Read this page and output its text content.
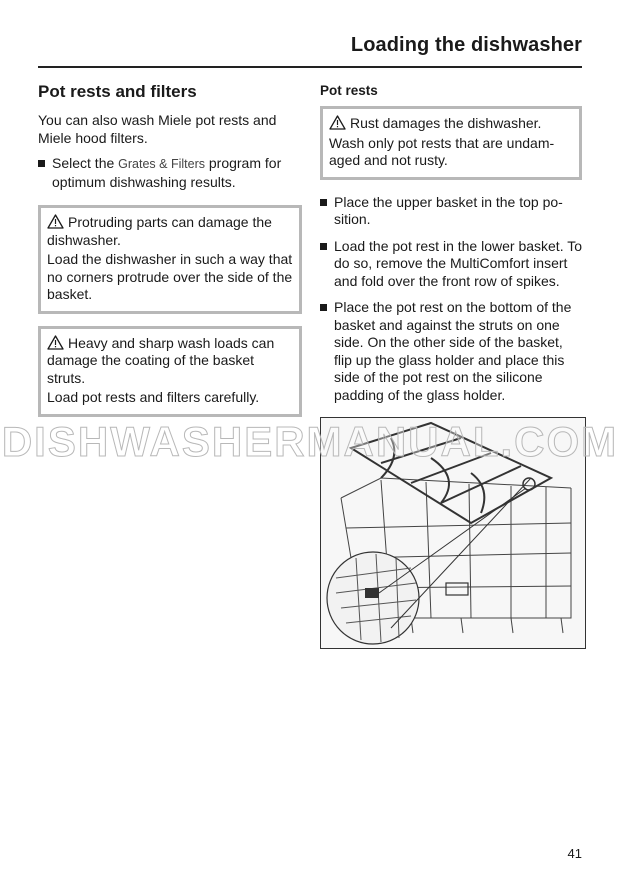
Loading the dishwasher
Pot rests and filters

You can also wash Miele pot rests and Miele hood filters.

Select the Grates & Filters program for optimum dishwashing results.

Protruding parts can damage the dishwasher.

Load the dishwasher in such a way that no corners protrude over the side of the basket.

Heavy and sharp wash loads can damage the coating of the basket struts.

Load pot rests and filters carefully.

Pot rests

Rust damages the dishwasher.

Wash only pot rests that are undam-aged and not rusty.

Place the upper basket in the top po-sition.
Load the pot rest in the lower basket. To do so, remove the MultiComfort insert and fold over the front row of spikes.
Place the pot rest on the bottom of the basket and against the struts on one side. On the other side of the basket, flip up the glass holder and place this side of the pot rest on the silicone padding of the glass holder.
DISHWASHERMANUAL.COM
41
